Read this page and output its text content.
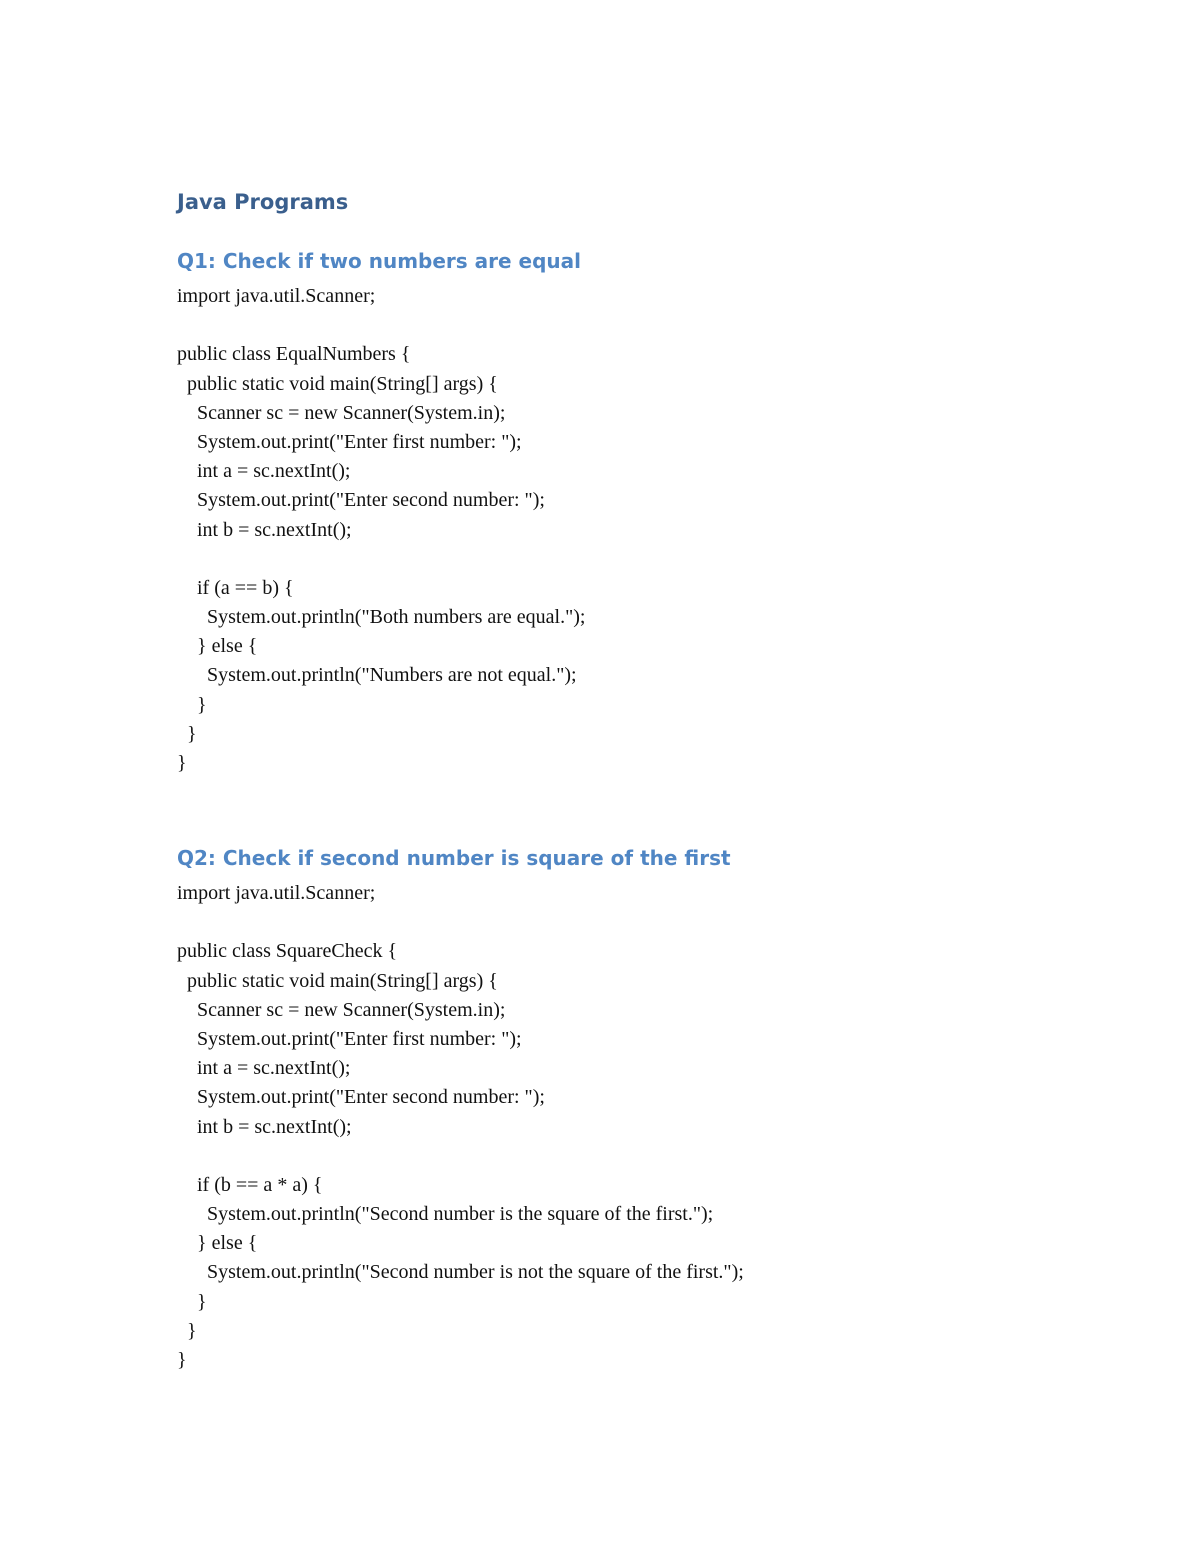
Java Programs
Q1: Check if two numbers are equal
import java.util.Scanner;
public class EqualNumbers {
public static void main(String[] args) {
Scanner sc = new Scanner(System.in);
System.out.print("Enter first number: ");
int a = sc.nextInt();
System.out.print("Enter second number: ");
int b = sc.nextInt();
if (a == b) {
System.out.println("Both numbers are equal.");
} else {
System.out.println("Numbers are not equal.");
}
}
}
Q2: Check if second number is square of the first
import java.util.Scanner;
public class SquareCheck {
public static void main(String[] args) {
Scanner sc = new Scanner(System.in);
System.out.print("Enter first number: ");
int a = sc.nextInt();
System.out.print("Enter second number: ");
int b = sc.nextInt();
if (b == a * a) {
System.out.println("Second number is the square of the first.");
} else {
System.out.println("Second number is not the square of the first.");
}
}
}
